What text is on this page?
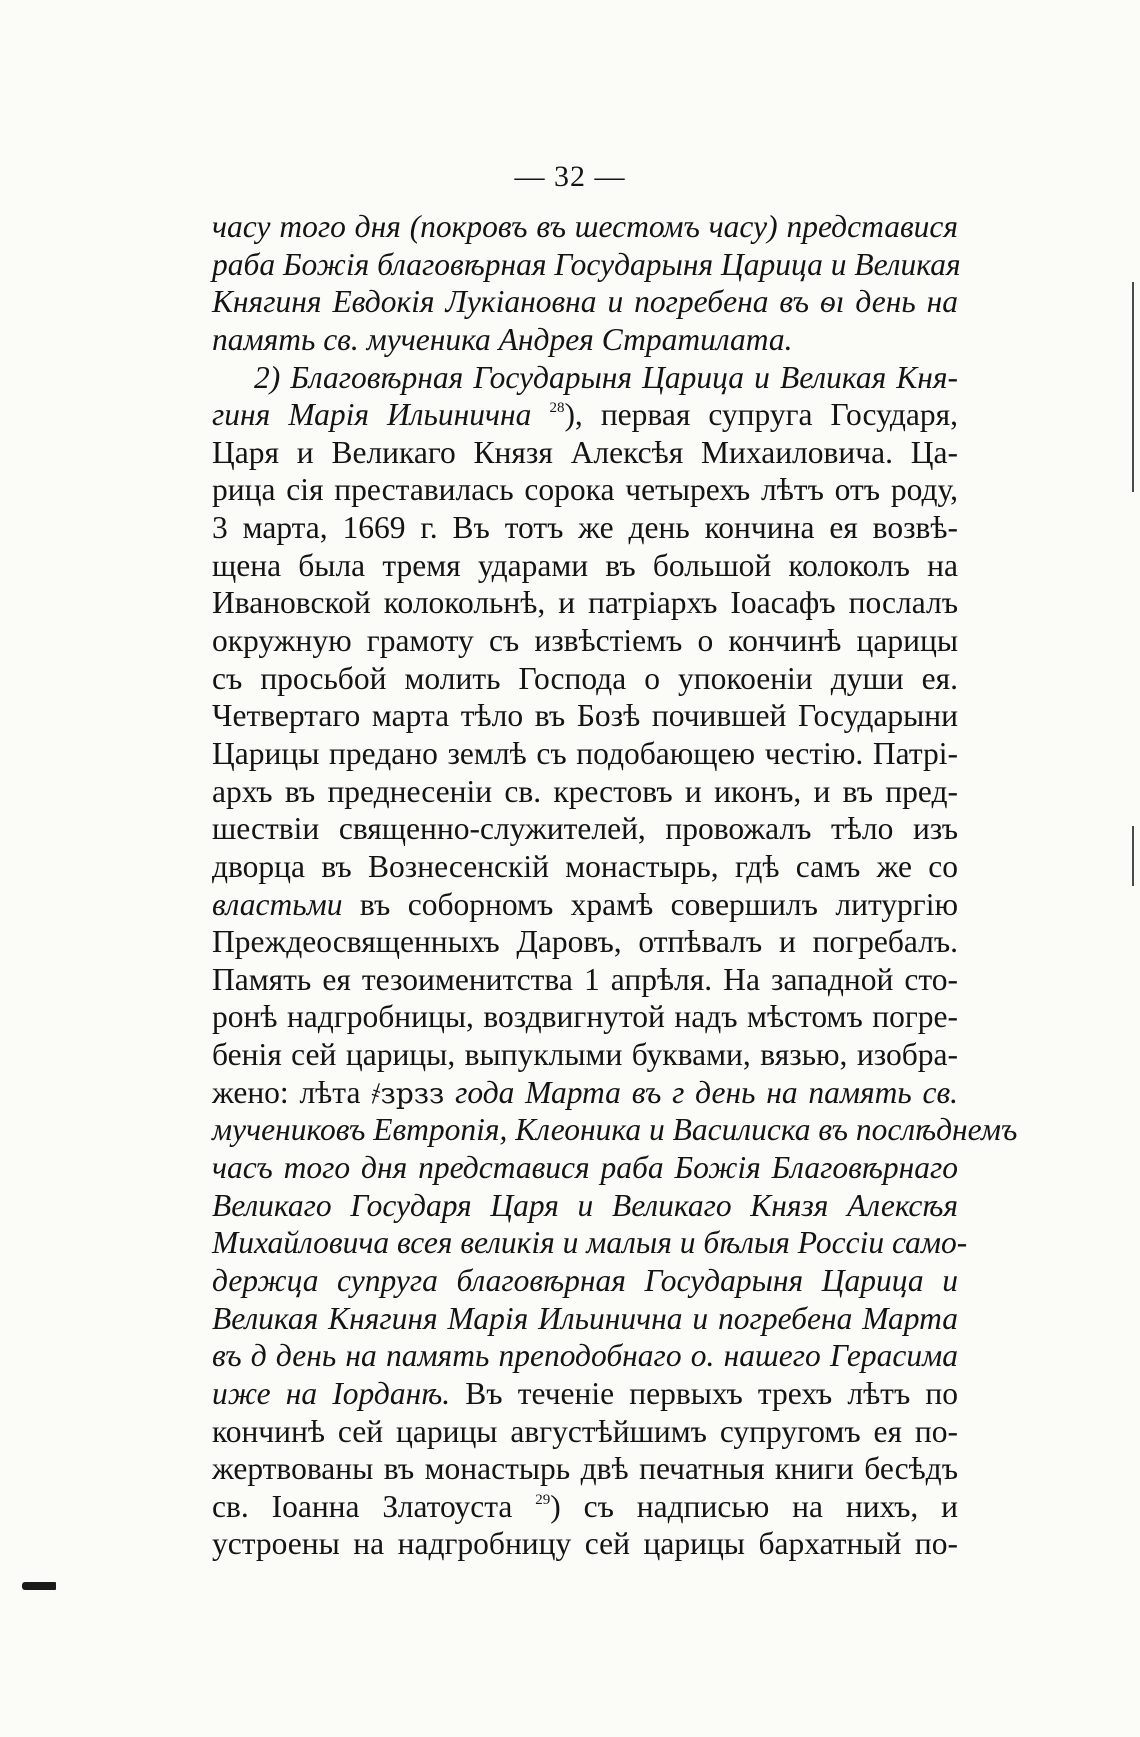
— 32 —
часу того дня (покровъ въ шестомъ часу) представися
раба Божія благовѣрная Государыня Царица и Великая
Княгиня Евдокія Лукіановна и погребена въ ѳı день на
память св. мученика Андрея Стратилата.
2) Благовѣрная Государыня Царица и Великая Кня-
гиня Марія Ильинична $^{28}$), первая супруга Государя,
Царя и Великаго Князя Алексѣя Михаиловича. Ца-
рица сія преставилась сорока четырехъ лѣтъ отъ роду,
3 марта, 1669 г. Въ тотъ же день кончина ея возвѣ-
щена была тремя ударами въ большой колоколъ на
Ивановской колокольнѣ, и патріархъ Іоасафъ послалъ
окружную грамоту съ извѣстіемъ о кончинѣ царицы
съ просьбой молить Господа о упокоеніи души ея.
Четвертаго марта тѣло въ Бозѣ почившей Государыни
Царицы предано землѣ съ подобающею честію. Патрі-
архъ въ преднесеніи св. крестовъ и иконъ, и въ пред-
шествіи священно-служителей, провожалъ тѣло изъ
дворца въ Вознесенскій монастырь, гдѣ самъ же со
властьми въ соборномъ храмѣ совершилъ литургію
Преждеосвященныхъ Даровъ, отпѣвалъ и погребалъ.
Память ея тезоименитства 1 апрѣля. На западной сто-
ронѣ надгробницы, воздвигнутой надъ мѣстомъ погре-
бенія сей царицы, выпуклыми буквами, вязью, изобра-
жено: лѣта ҂зрзз года Марта въ г день на память св.
мучениковъ Евтропія, Клеоника и Василиска въ послѣднемъ
часъ того дня представися раба Божія Благовѣрнаго
Великаго Государя Царя и Великаго Князя Алексѣя
Михайловича всея великія и малыя и бѣлыя Россіи само-
держца супруга благовѣрная Государыня Царица и
Великая Княгиня Марія Ильинична и погребена Марта
въ д день на память преподобнаго о. нашего Герасима
иже на Іорданѣ. Въ теченіе первыхъ трехъ лѣтъ по
кончинѣ сей царицы августѣйшимъ супругомъ ея по-
жертвованы въ монастырь двѣ печатныя книги бесѣдъ
св. Іоанна Златоуста $^{29}$) съ надписью на нихъ, и
устроены на надгробницу сей царицы бархатный по-
